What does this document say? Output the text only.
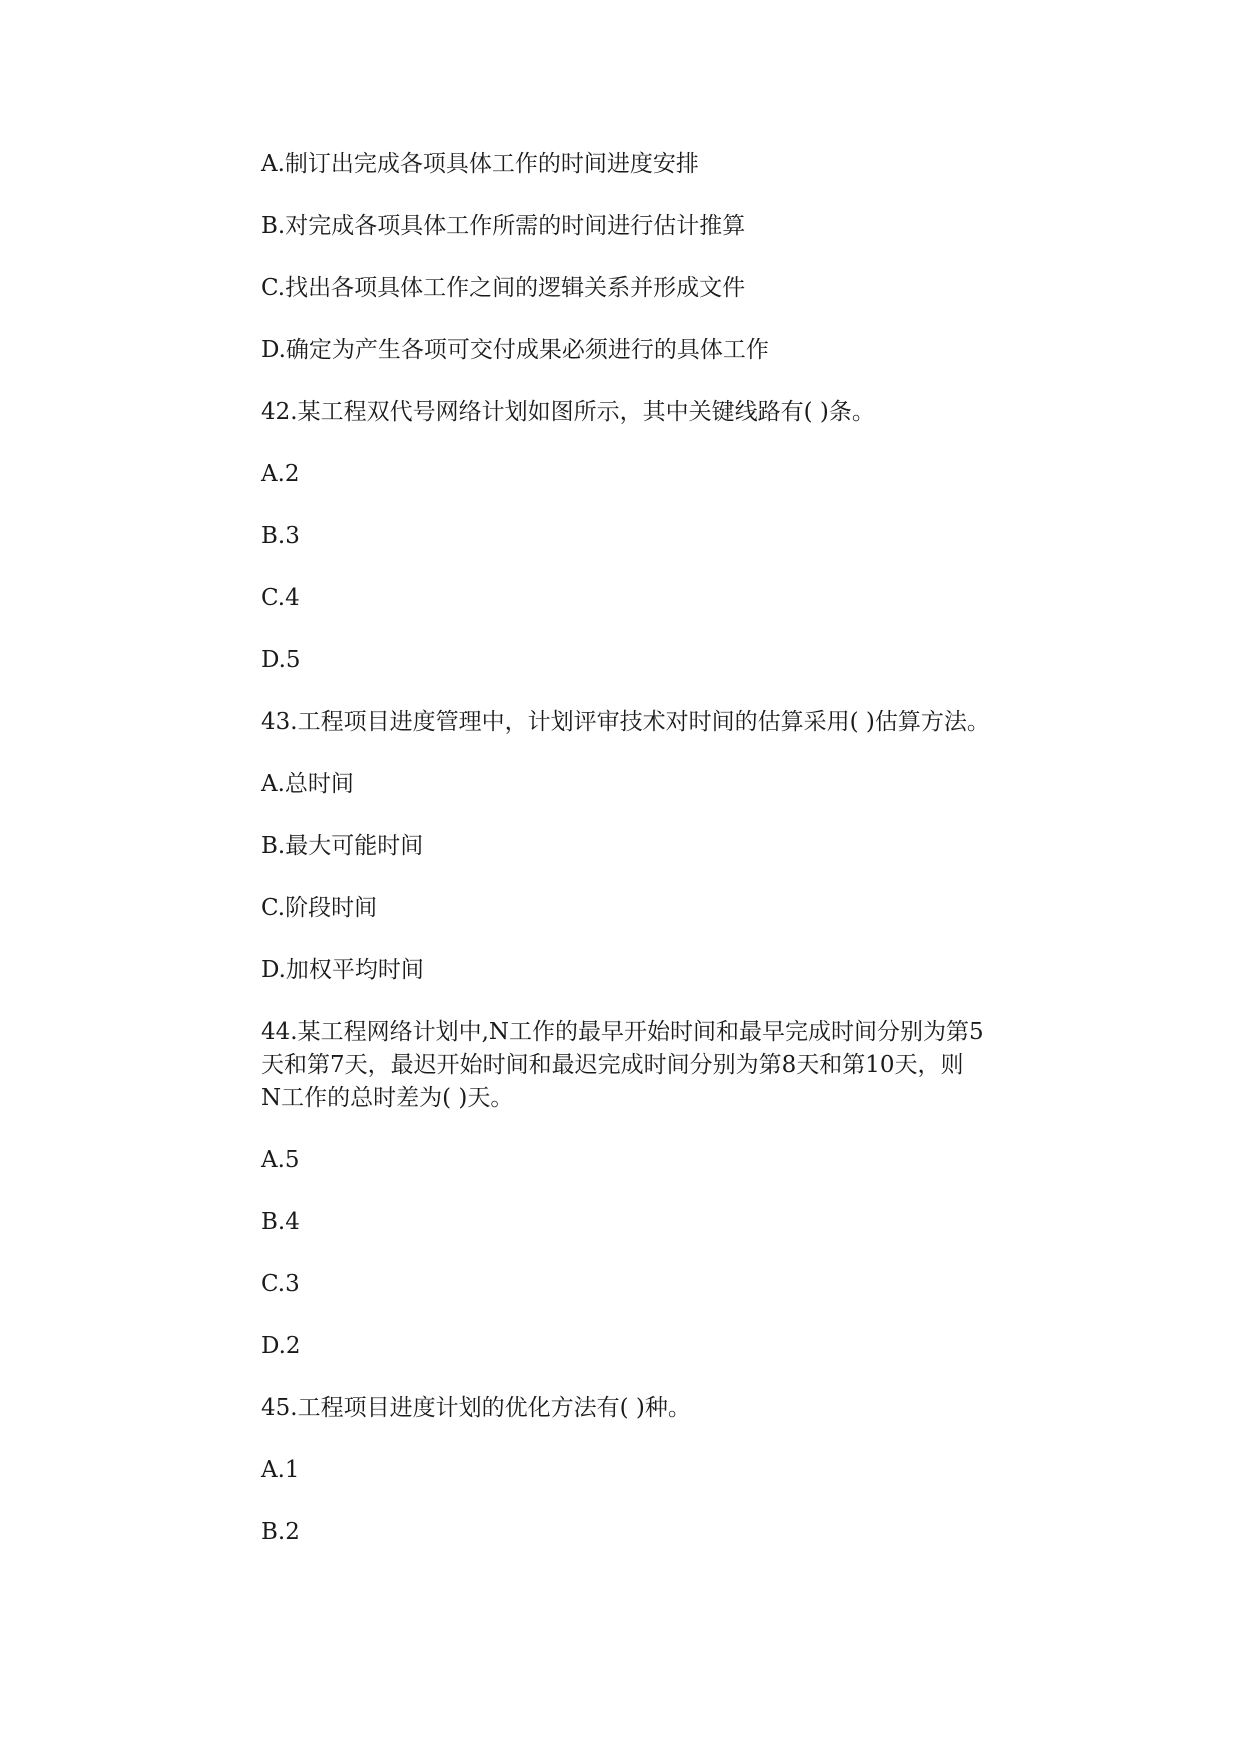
A.制订出完成各项具体工作的时间进度安排
B.对完成各项具体工作所需的时间进行估计推算
C.找出各项具体工作之间的逻辑关系并形成文件
D.确定为产生各项可交付成果必须进行的具体工作
42.某工程双代号网络计划如图所示，其中关键线路有( )条。
A.2
B.3
C.4
D.5
43.工程项目进度管理中，计划评审技术对时间的估算采用( )估算方法。
A.总时间
B.最大可能时间
C.阶段时间
D.加权平均时间
44.某工程网络计划中,N工作的最早开始时间和最早完成时间分别为第5
天和第7天，最迟开始时间和最迟完成时间分别为第8天和第10天，则
N工作的总时差为( )天。
A.5
B.4
C.3
D.2
45.工程项目进度计划的优化方法有( )种。
A.1
B.2
